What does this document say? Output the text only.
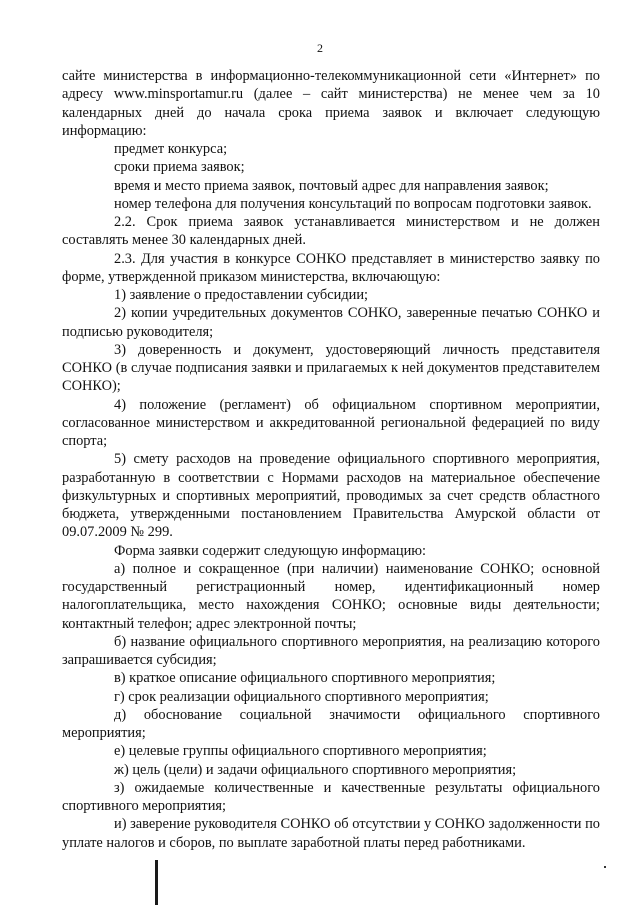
2

сайте министерства в информационно-телекоммуникационной сети «Интернет» по адресу www.minsportamur.ru (далее – сайт министерства) не менее чем за 10 календарных дней до начала срока приема заявок и включает следующую информацию:

предмет конкурса;

сроки приема заявок;

время и место приема заявок, почтовый адрес для направления заявок;

номер телефона для получения консультаций по вопросам подготовки заявок.

2.2. Срок приема заявок устанавливается министерством и не должен составлять менее 30 календарных дней.

2.3. Для участия в конкурсе СОНКО представляет в министерство заявку по форме, утвержденной приказом министерства, включающую:

1) заявление о предоставлении субсидии;

2) копии учредительных документов СОНКО, заверенные печатью СОНКО и подписью руководителя;

3) доверенность и документ, удостоверяющий личность представителя СОНКО (в случае подписания заявки и прилагаемых к ней документов представителем СОНКО);

4) положение (регламент) об официальном спортивном мероприятии, согласованное министерством и аккредитованной региональной федерацией по виду спорта;

5) смету расходов на проведение официального спортивного мероприятия, разработанную в соответствии с Нормами расходов на материальное обеспечение физкультурных и спортивных мероприятий, проводимых за счет средств областного бюджета, утвержденными постановлением Правительства Амурской области от 09.07.2009 № 299.

Форма заявки содержит следующую информацию:

а) полное и сокращенное (при наличии) наименование СОНКО; основной государственный регистрационный номер, идентификационный номер налогоплательщика, место нахождения СОНКО; основные виды деятельности; контактный телефон; адрес электронной почты;

б) название официального спортивного мероприятия, на реализацию которого запрашивается субсидия;

в) краткое описание официального спортивного мероприятия;

г) срок реализации официального спортивного мероприятия;

д) обоснование социальной значимости официального спортивного мероприятия;

е) целевые группы официального спортивного мероприятия;

ж) цель (цели) и задачи официального спортивного мероприятия;

з) ожидаемые количественные и качественные результаты официального спортивного мероприятия;

и) заверение руководителя СОНКО об отсутствии у СОНКО задолженности по уплате налогов и сборов, по выплате заработной платы перед работниками.
